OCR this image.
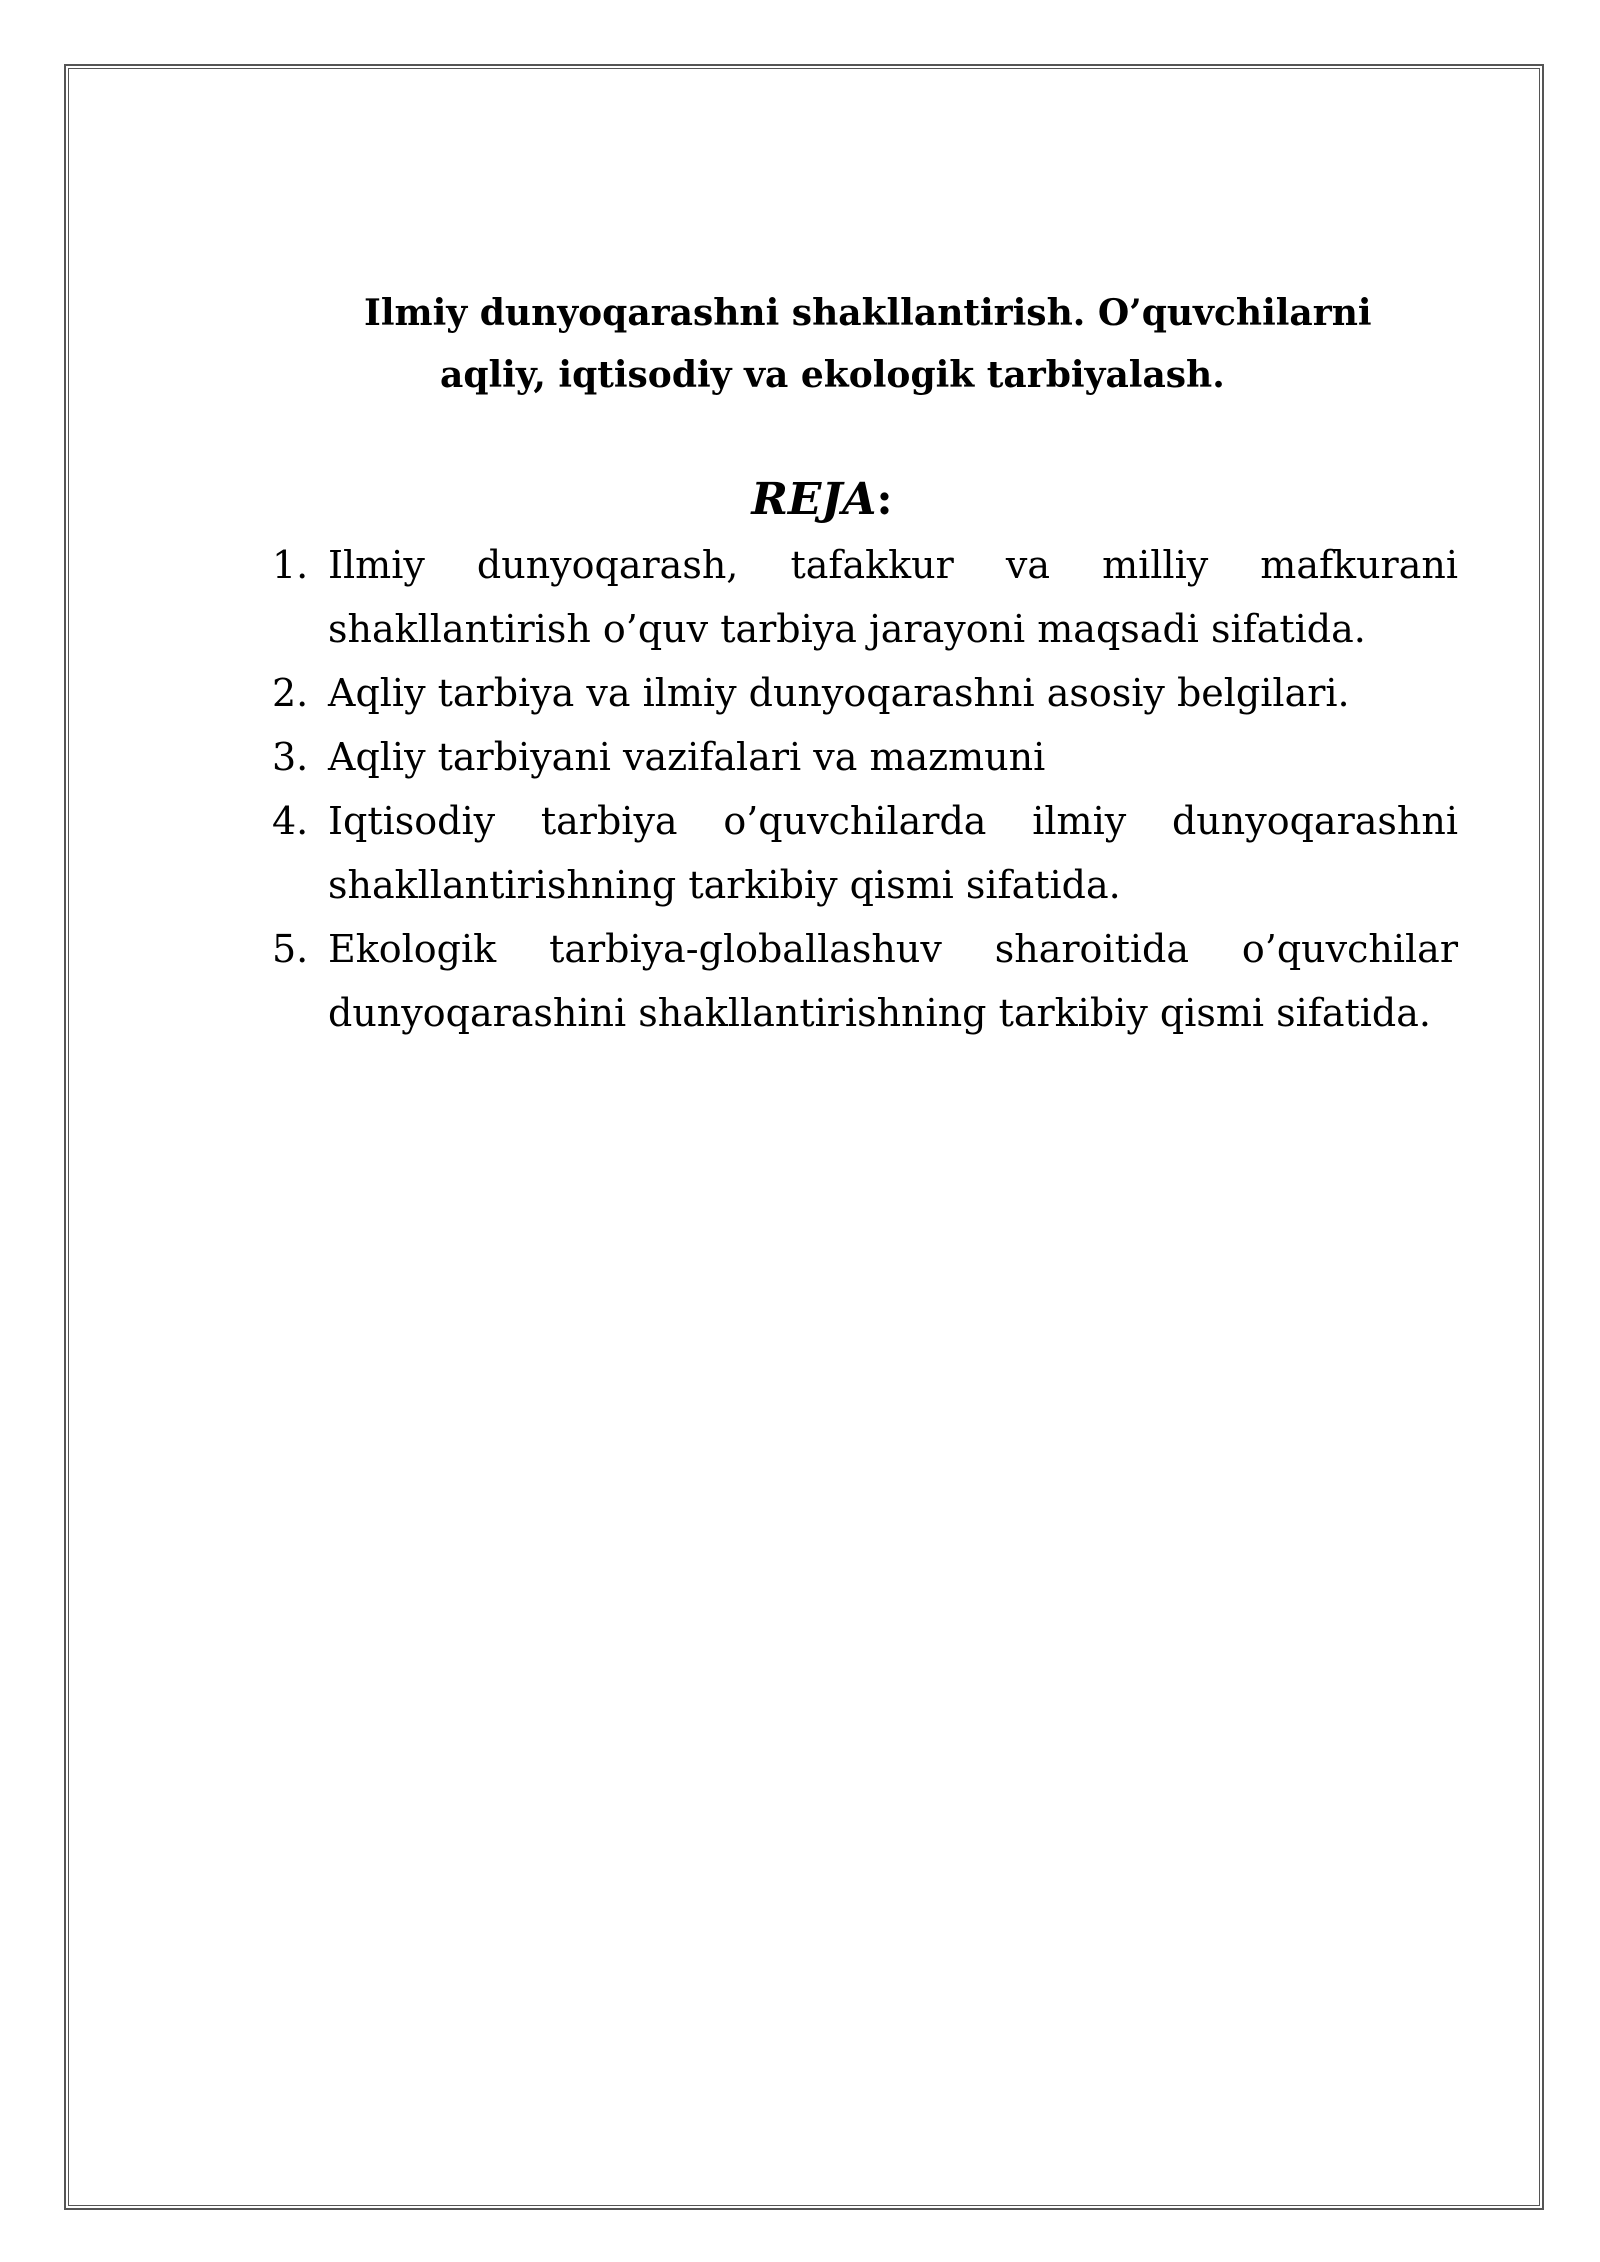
Ilmiy dunyoqarashni shakllantirish. O’quvchilarni
aqliy, iqtisodiy va ekologik tarbiyalash.
REJA:
1. Ilmiy dunyoqarash, tafakkur va milliy mafkurani shakllantirish o’quv tarbiya jarayoni maqsadi sifatida.
2. Aqliy tarbiya va ilmiy dunyoqarashni asosiy belgilari.
3. Aqliy tarbiyani vazifalari va mazmuni
4. Iqtisodiy tarbiya o’quvchilarda ilmiy dunyoqarashni shakllantirishning tarkibiy qismi sifatida.
5. Ekologik tarbiya-globallashuv sharoitida o’quvchilar dunyoqarashini shakllantirishning tarkibiy qismi sifatida.
